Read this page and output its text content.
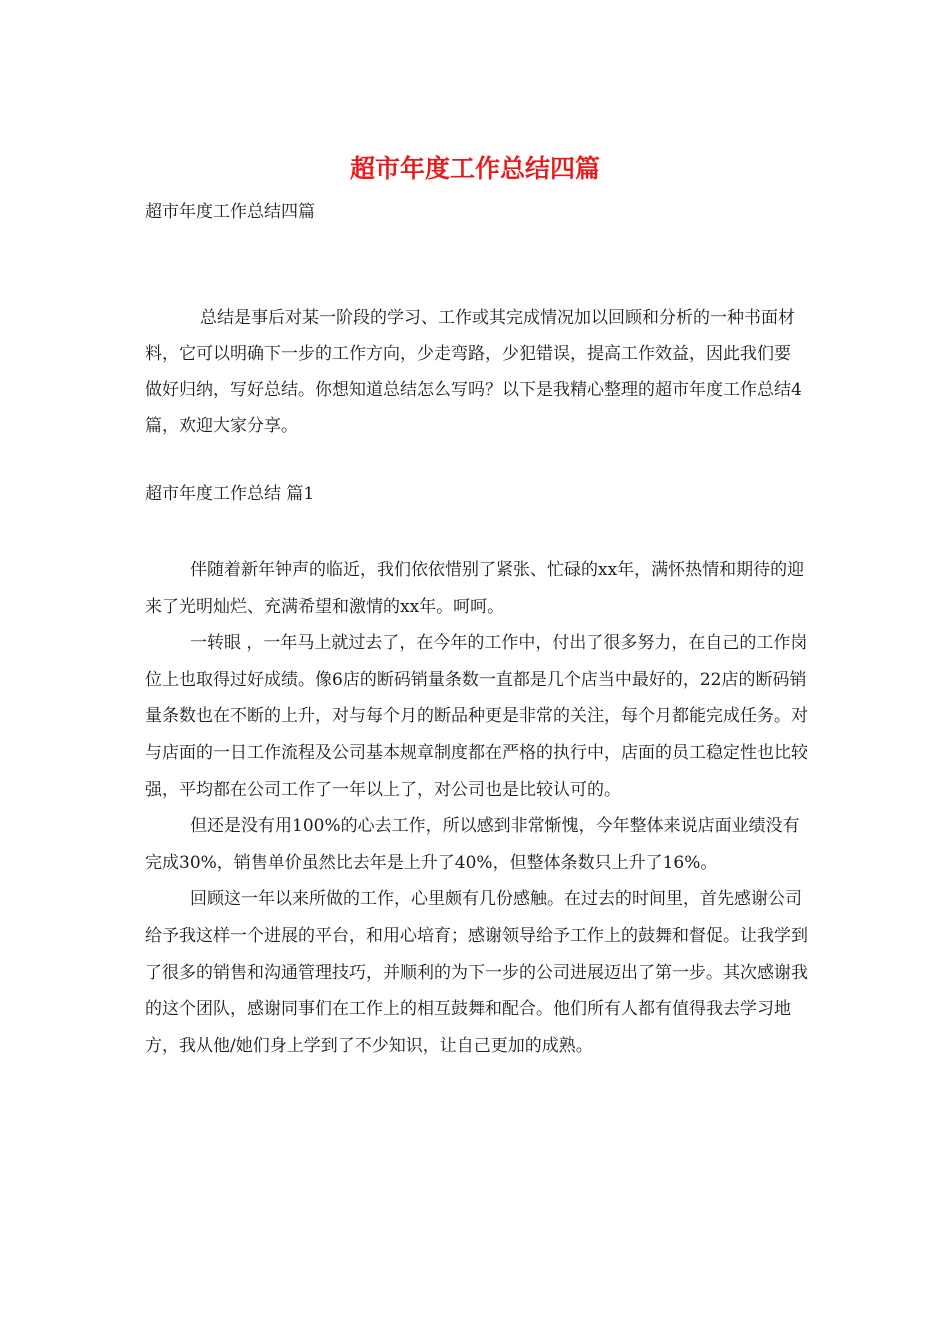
超市年度工作总结四篇

超市年度工作总结四篇

总结是事后对某一阶段的学习、工作或其完成情况加以回顾和分析的一种书面材料，它可以明确下一步的工作方向，少走弯路，少犯错误，提高工作效益，因此我们要做好归纳，写好总结。你想知道总结怎么写吗？以下是我精心整理的超市年度工作总结4篇，欢迎大家分享。

超市年度工作总结 篇1

伴随着新年钟声的临近，我们依依惜别了紧张、忙碌的xx年，满怀热情和期待的迎来了光明灿烂、充满希望和激情的xx年。呵呵。

一转眼 ，一年马上就过去了，在今年的工作中，付出了很多努力，在自己的工作岗位上也取得过好成绩。像6店的断码销量条数一直都是几个店当中最好的，22店的断码销量条数也在不断的上升，对与每个月的断品种更是非常的关注，每个月都能完成任务。对与店面的一日工作流程及公司基本规章制度都在严格的执行中，店面的员工稳定性也比较强，平均都在公司工作了一年以上了，对公司也是比较认可的。

但还是没有用100%的心去工作，所以感到非常惭愧，今年整体来说店面业绩没有完成30%，销售单价虽然比去年是上升了40%，但整体条数只上升了16%。

回顾这一年以来所做的工作，心里颇有几份感触。在过去的时间里，首先感谢公司给予我这样一个进展的平台，和用心培育；感谢领导给予工作上的鼓舞和督促。让我学到了很多的销售和沟通管理技巧，并顺利的为下一步的公司进展迈出了第一步。其次感谢我的这个团队，感谢同事们在工作上的相互鼓舞和配合。他们所有人都有值得我去学习地方，我从他/她们身上学到了不少知识，让自己更加的成熟。
